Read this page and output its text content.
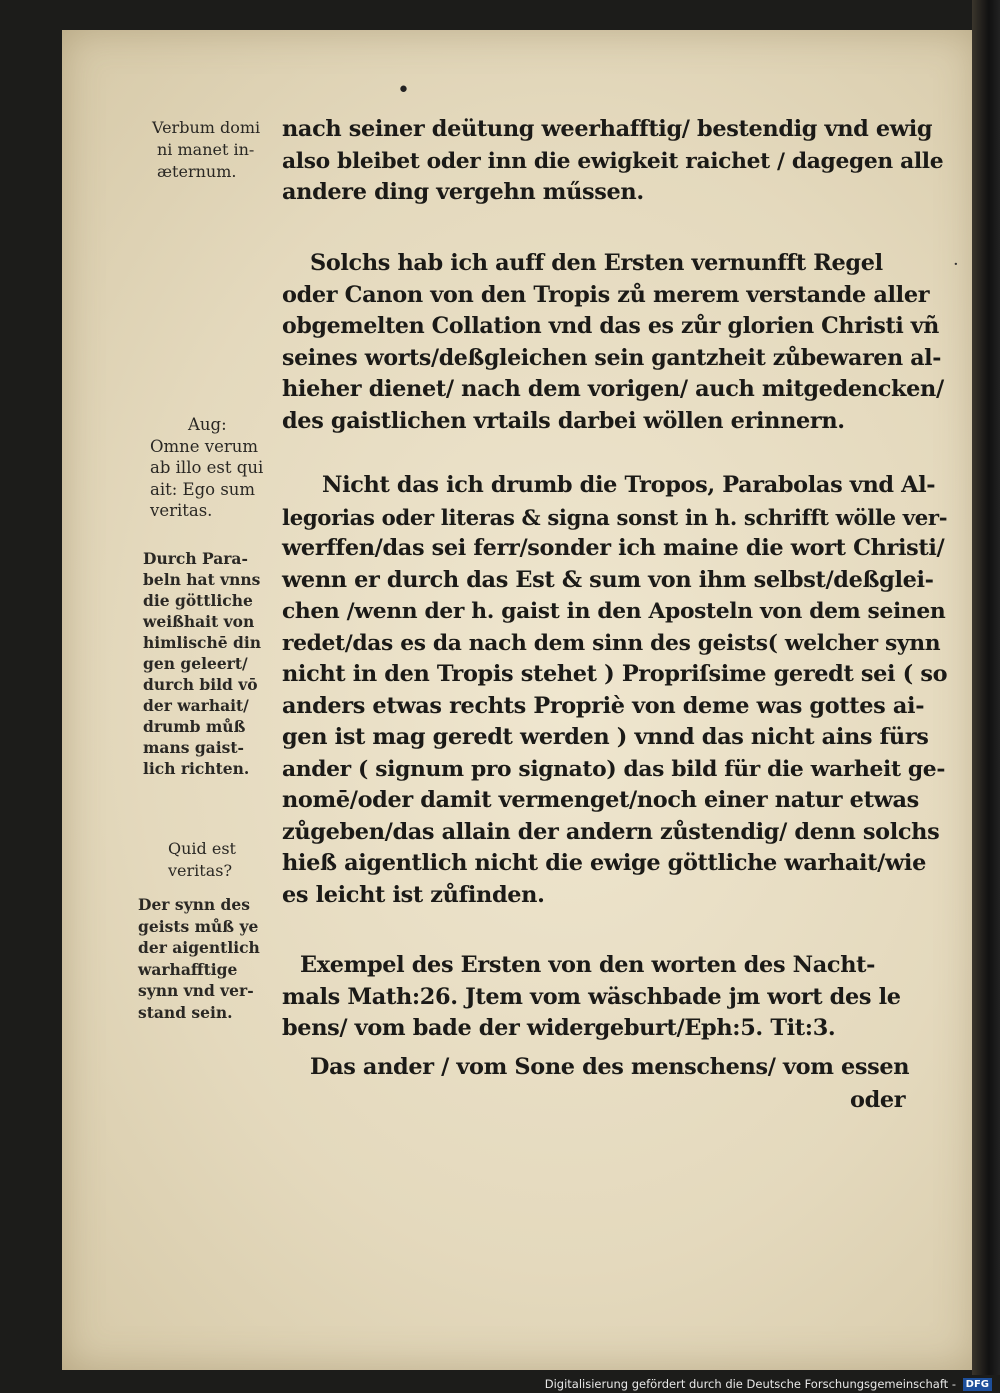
•
Verbum domi
ni manet in-
æternum.
Aug:
Omne verum
ab illo est qui
ait: Ego sum
veritas.
Durch Para-
beln hat vnns
die göttliche
weißhait von
himlischē din
gen geleert/
durch bild vō
der warhait/
drumb můß
mans gaist-
lich richten.
Quid est
veritas?
Der synn des
geists můß ye
der aigentlich
warhafftige
synn vnd ver-
stand sein.
nach seiner deütung weerhafftig/ bestendig vnd ewig
also bleibet oder inn die ewigkeit raichet / dagegen alle
andere ding vergehn műssen.
Solchs hab ich auff den Ersten vernunfft Regel
oder Canon von den Tropis zů merem verstande aller
obgemelten Collation vnd das es zůr glorien Christi vñ
seines worts/deßgleichen sein gantzheit zůbewaren al-
hieher dienet/ nach dem vorigen/ auch mitgedencken/
des gaistlichen vrtails darbei wöllen erinnern.
·
Nicht das ich drumb die Tropos, Parabolas vnd Al-
legorias oder literas & signa sonst in h. schrifft wölle ver-
werffen/das sei ferr/sonder ich maine die wort Christi/
wenn er durch das Est & sum von ihm selbst/deßglei-
chen /wenn der h. gaist in den Aposteln von dem seinen
redet/das es da nach dem sinn des geists( welcher synn
nicht in den Tropis stehet ) Propriſsime geredt sei ( so
anders etwas rechts Propriè von deme was gottes ai-
gen ist mag geredt werden ) vnnd das nicht ains fürs
ander ( signum pro signato) das bild für die warheit ge-
nomē/oder damit vermenget/noch einer natur etwas
zůgeben/das allain der andern zůstendig/ denn solchs
hieß aigentlich nicht die ewige göttliche warhait/wie
es leicht ist zůfinden.
Exempel des Ersten von den worten des Nacht-
mals Math:26. Jtem vom wäschbade jm wort des le
bens/ vom bade der widergeburt/Eph:5. Tit:3.
Das ander / vom Sone des menschens/ vom essen
oder
Digitalisierung gefördert durch die Deutsche Forschungsgemeinschaft - DFG
